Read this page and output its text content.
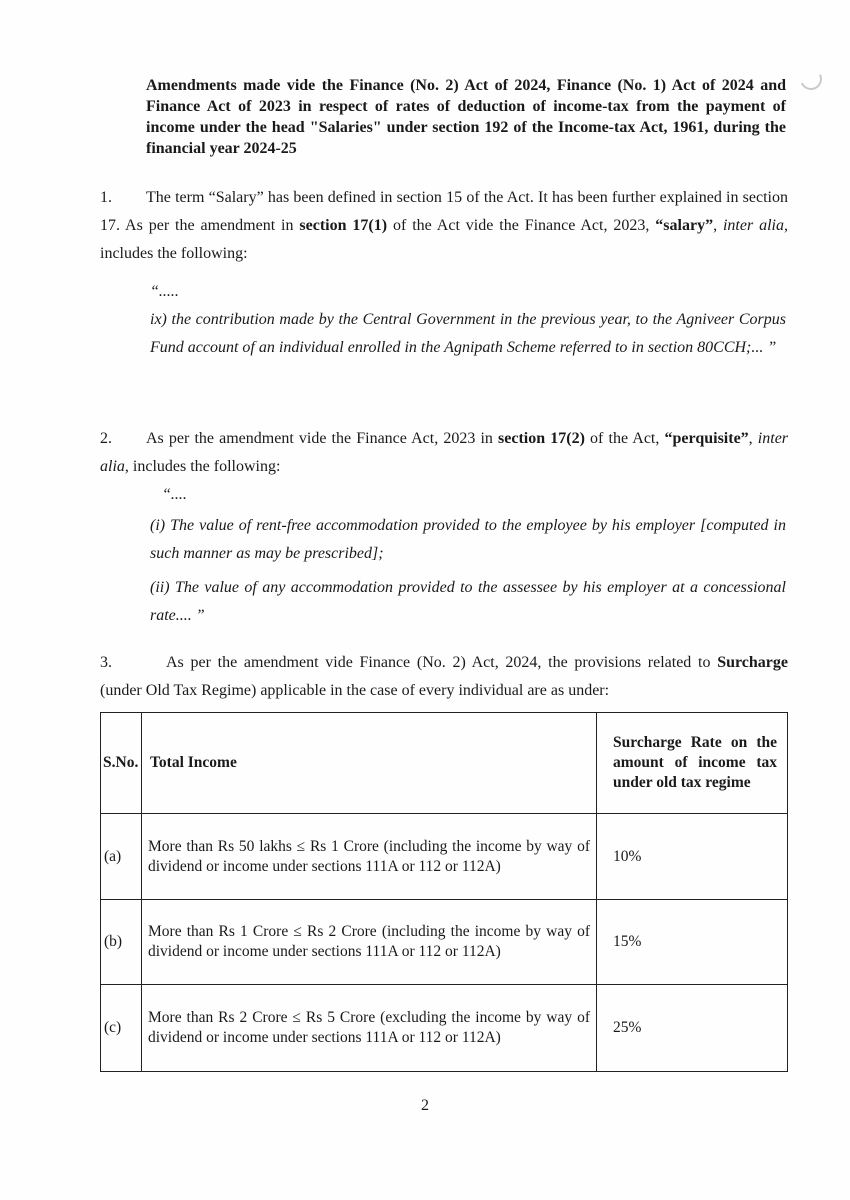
Amendments made vide the Finance (No. 2) Act of 2024, Finance (No. 1) Act of 2024 and Finance Act of 2023 in respect of rates of deduction of income-tax from the payment of income under the head "Salaries" under section 192 of the Income-tax Act, 1961, during the financial year 2024-25
1. The term “Salary” has been defined in section 15 of the Act. It has been further explained in section 17. As per the amendment in section 17(1) of the Act vide the Finance Act, 2023, “salary”, inter alia, includes the following:
“.....
ix) the contribution made by the Central Government in the previous year, to the Agniveer Corpus Fund account of an individual enrolled in the Agnipath Scheme referred to in section 80CCH;... ”
2. As per the amendment vide the Finance Act, 2023 in section 17(2) of the Act, “perquisite”, inter alia, includes the following:
“....
(i) The value of rent-free accommodation provided to the employee by his employer [computed in such manner as may be prescribed];
(ii) The value of any accommodation provided to the assessee by his employer at a concessional rate.... ”
3.	As per the amendment vide Finance (No. 2) Act, 2024, the provisions related to Surcharge (under Old Tax Regime) applicable in the case of every individual are as under:
S.No.	Total Income	Surcharge Rate on the amount of income tax under old tax regime
(a)	More than Rs 50 lakhs ≤ Rs 1 Crore (including the income by way of dividend or income under sections 111A or 112 or 112A)	10%
(b)	More than Rs 1 Crore ≤ Rs 2 Crore (including the income by way of dividend or income under sections 111A or 112 or 112A)	15%
(c)	More than Rs 2 Crore ≤ Rs 5 Crore (excluding the income by way of dividend or income under sections 111A or 112 or 112A)	25%
2
